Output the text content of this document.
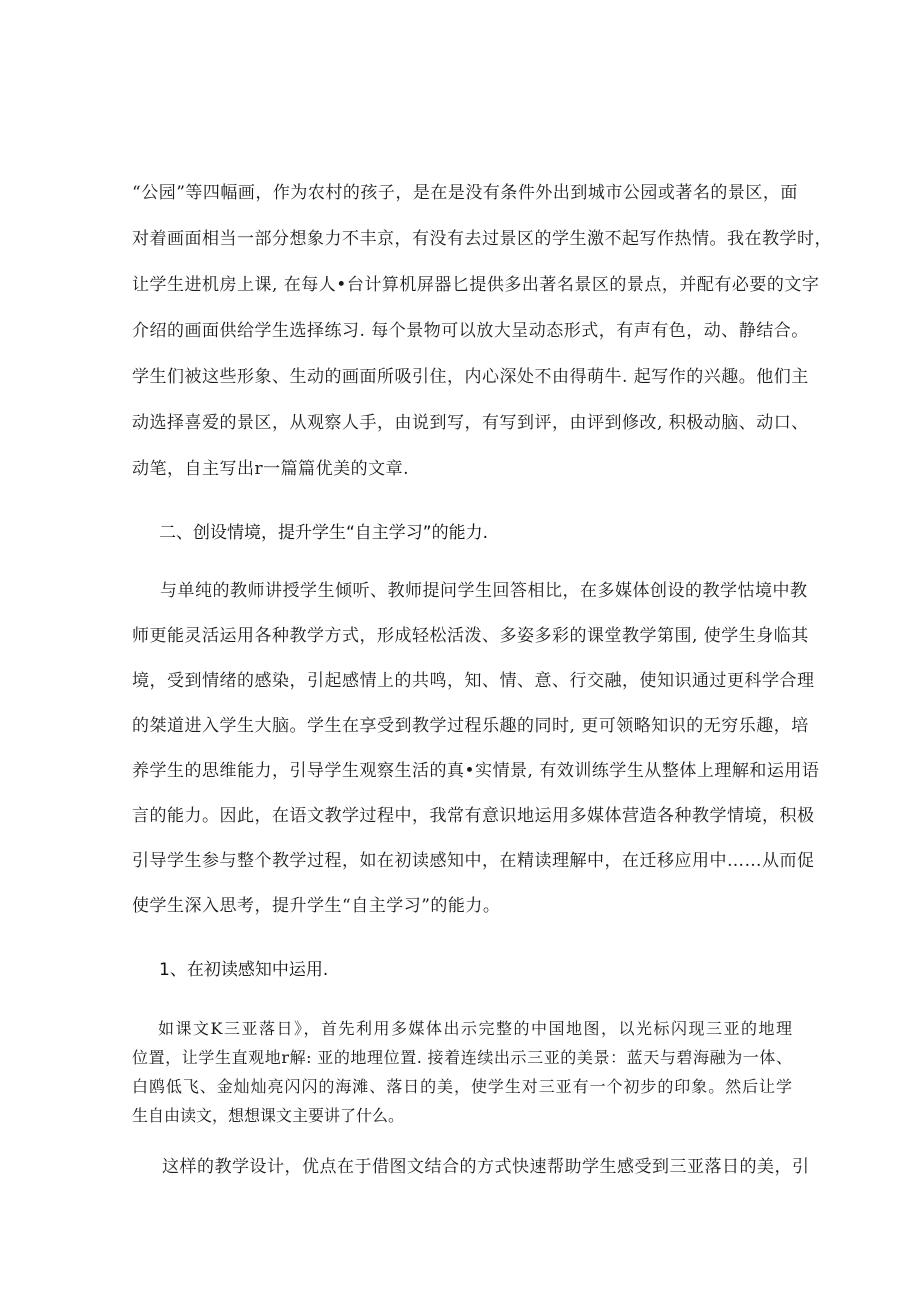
“公园”等四幅画，作为农村的孩子，是在是没有条件外出到城市公园或著名的景区，面
对着画面相当一部分想象力不丰京，有没有去过景区的学生激不起写作热情。我在教学时，
让学生进机房上课, 在每人•台计算机屏器匕提供多出著名景区的景点，并配有必要的文字
介绍的画面供给学生选择练习. 每个景物可以放大呈动态形式，有声有色，动、静结合。
学生们被这些形象、生动的画面所吸引住，内心深处不由得萌牛. 起写作的兴趣。他们主
动选择喜爱的景区，从观察人手，由说到写，有写到评，由评到修改, 积极动脑、动口、
动笔，自主写出r一篇篇优美的文章.
二、创设情境，提升学生“自主学习”的能力.
与单纯的教师讲授学生倾听、教师提问学生回答相比，在多媒体创设的教学怙境中教
师更能灵活运用各种教学方式，形成轻松活泼、多姿多彩的课堂教学第围, 使学生身临其
境，受到情绪的感染，引起感情上的共鸣，知、情、意、行交融，使知识通过更科学合理
的桀道进入学生大脑。学生在享受到教学过程乐趣的同时, 更可领略知识的无穷乐趣，培
养学生的思维能力，引导学生观察生活的真•实情景, 有效训练学生从整体上理解和运用语
言的能力。因此，在语文教学过程中，我常有意识地运用多媒体营造各种教学情境，积极
引导学生参与整个教学过程，如在初读感知中，在精读理解中，在迁移应用中……从而促
使学生深入思考，提升学生“自主学习”的能力。
1、在初读感知中运用.
如课文K三亚落日》，首先利用多媒体出示完整的中国地图，以光标闪现三亚的地理
位置，让学生直观地r解: 亚的地理位置. 接着连续出示三亚的美景：蓝天与碧海融为一体、
白鸥低飞、金灿灿亮闪闪的海滩、落日的美，使学生对三亚有一个初步的印象。然后让学
生自由读文，想想课文主要讲了什么。
这样的教学设计，优点在于借图文结合的方式快速帮助学生感受到三亚落日的美，引
